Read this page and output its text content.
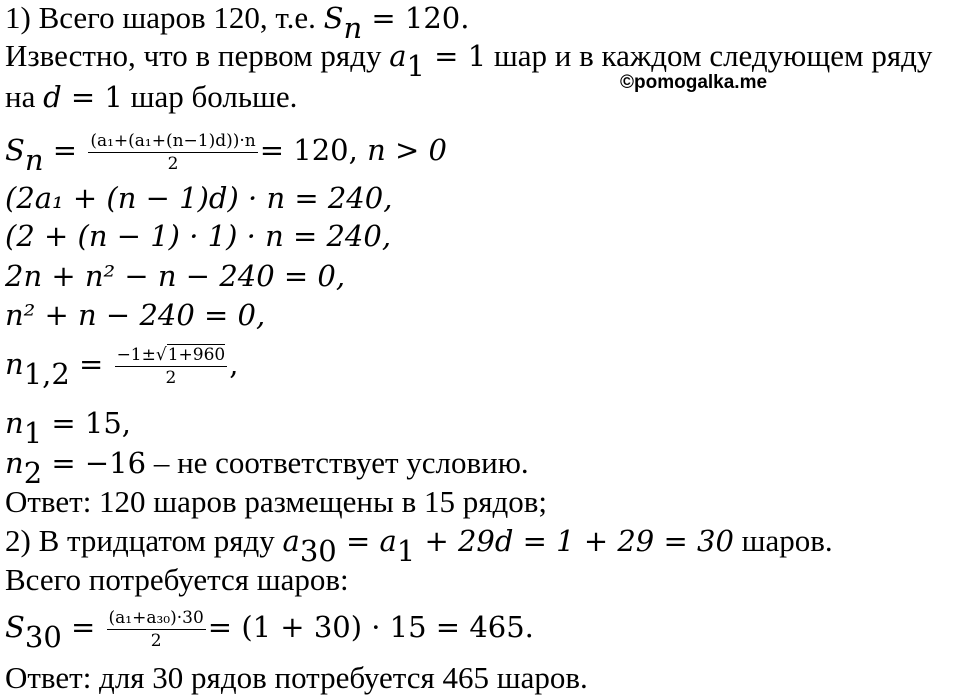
©pomogalka.me
1) Всего шаров 120, т.е. $S_n = 120$.
Известно, что в первом ряду $a_1 = 1$ шар и в каждом следующем ряду
на d = 1 шар больше.
$S_n = \frac{\text{(a₁+(a₁+(n−1)d))·n}}{2} = 120$, n > 0
(2a₁ + (n − 1)d) · n = 240,
(2 + (n − 1) · 1) · n = 240,
2n + n² − n − 240 = 0,
n² + n − 240 = 0,
$n_{1,2} = \frac{-1\pm√1+960}{2}$ ,
$n_1 = 15$,
$n_2 = -16$ – не соответствует условию.
Ответ: 120 шаров размещены в 15 рядов;
2) В тридцатом ряду $a_{30} = a_1 + 29d = 1 + 29 = 30$ шаров.
Всего потребуется шаров:
$S_{30} = \frac{\text{(a₁+a₃₀)·30}}{2} = (1 + 30) \cdot 15 = 465$.
Ответ: для 30 рядов потребуется 465 шаров.
